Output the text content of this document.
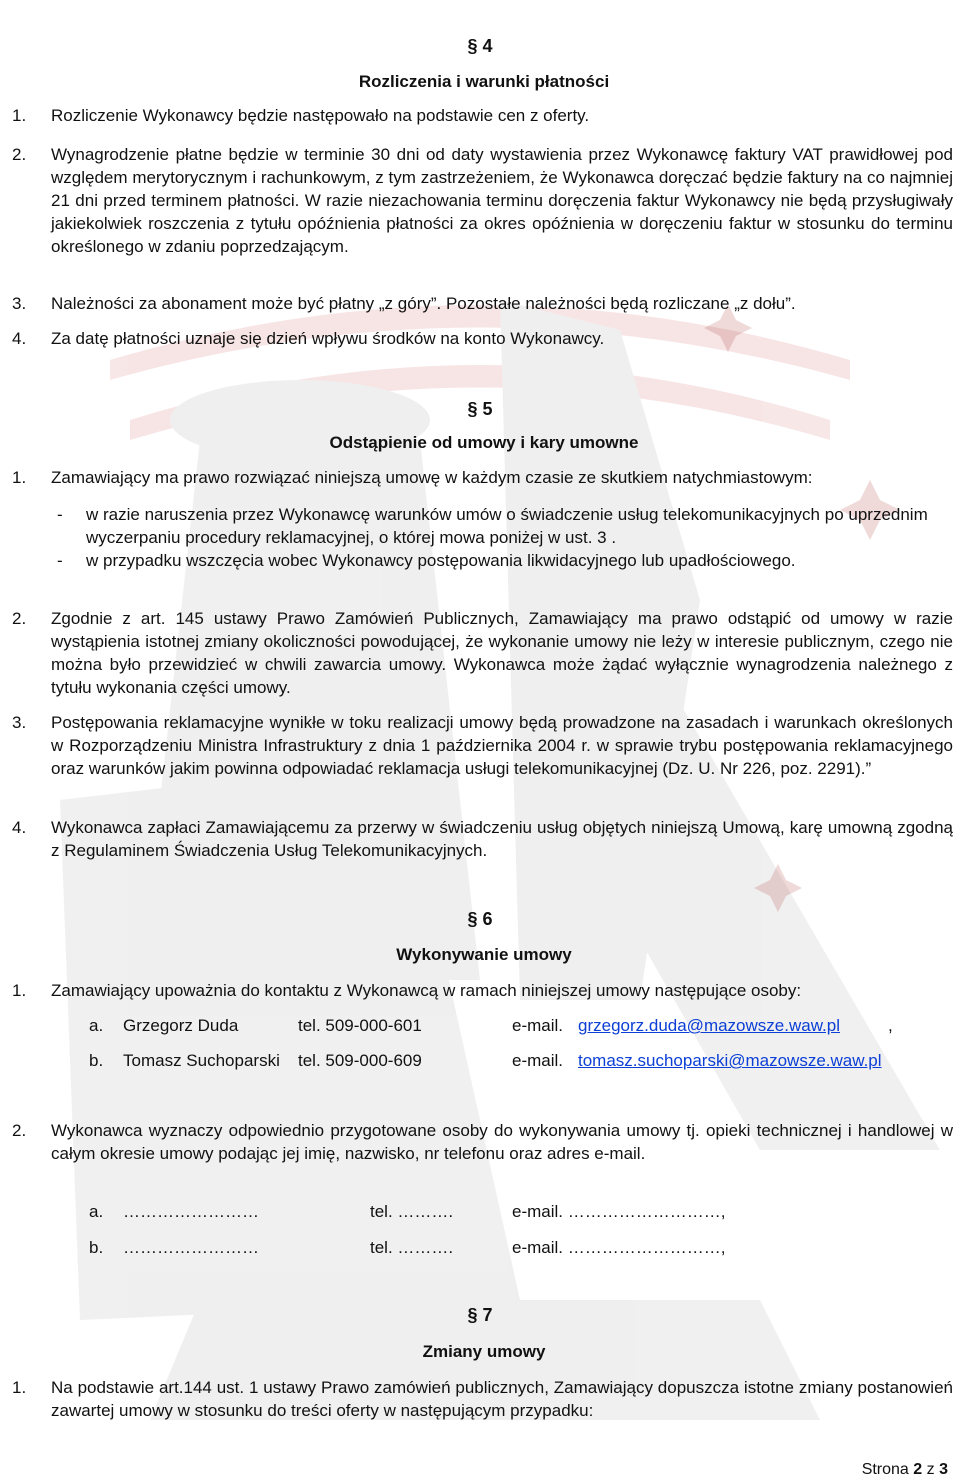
§ 4
Rozliczenia i warunki płatności
1. Rozliczenie Wykonawcy będzie następowało na podstawie cen z oferty.
2. Wynagrodzenie płatne będzie w terminie 30 dni od daty wystawienia przez Wykonawcę faktury VAT prawidłowej pod względem merytorycznym i rachunkowym, z tym zastrzeżeniem, że Wykonawca doręczać będzie faktury na co najmniej 21 dni przed terminem płatności. W razie niezachowania terminu doręczenia faktur Wykonawcy nie będą przysługiwały jakiekolwiek roszczenia z tytułu opóźnienia płatności za okres opóźnienia w doręczeniu faktur w stosunku do terminu określonego w zdaniu poprzedzającym.
3. Należności za abonament może być płatny „z góry”. Pozostałe należności będą rozliczane „z dołu”.
4. Za datę płatności uznaje się dzień wpływu środków na konto Wykonawcy.
§ 5
Odstąpienie od umowy i kary umowne
1. Zamawiający ma prawo rozwiązać niniejszą umowę w każdym czasie ze skutkiem natychmiastowym:
- w razie naruszenia przez Wykonawcę warunków umów o świadczenie usług telekomunikacyjnych po uprzednim wyczerpaniu procedury reklamacyjnej, o której mowa poniżej w ust. 3 .
- w przypadku wszczęcia wobec Wykonawcy postępowania likwidacyjnego lub upadłościowego.
2. Zgodnie z art. 145 ustawy Prawo Zamówień Publicznych, Zamawiający ma prawo odstąpić od umowy w razie wystąpienia istotnej zmiany okoliczności powodującej, że wykonanie umowy nie leży w interesie publicznym, czego nie można było przewidzieć w chwili zawarcia umowy. Wykonawca może żądać wyłącznie wynagrodzenia należnego z tytułu wykonania części umowy.
3. Postępowania reklamacyjne wynikłe w toku realizacji umowy będą prowadzone na zasadach i warunkach określonych w Rozporządzeniu Ministra Infrastruktury z dnia 1 października 2004 r. w sprawie trybu postępowania reklamacyjnego oraz warunków jakim powinna odpowiadać reklamacja usługi telekomunikacyjnej (Dz. U. Nr 226, poz. 2291).”
4. Wykonawca zapłaci Zamawiającemu za przerwy w świadczeniu usług objętych niniejszą Umową, karę umowną zgodną z Regulaminem Świadczenia Usług Telekomunikacyjnych.
§ 6
Wykonywanie umowy
1. Zamawiający upoważnia do kontaktu z Wykonawcą w ramach niniejszej umowy następujące osoby:
a. Grzegorz Duda	tel. 509-000-601	e-mail. grzegorz.duda@mazowsze.waw.pl	,
b. Tomasz Suchoparski tel. 509-000-609	e-mail. tomasz.suchoparski@mazowsze.waw.pl
2. Wykonawca wyznaczy odpowiednio przygotowane osoby do wykonywania umowy tj. opieki technicznej i handlowej w całym okresie umowy podając jej imię, nazwisko, nr telefonu oraz adres e-mail.
a. ……………………	tel. ……….	e-mail. ………………………,
b. ……………………	tel. ……….	e-mail. ………………………,
§ 7
Zmiany umowy
1. Na podstawie art.144 ust. 1 ustawy Prawo zamówień publicznych, Zamawiający dopuszcza istotne zmiany postanowień zawartej umowy w stosunku do treści oferty w następującym przypadku:
Strona 2 z 3
